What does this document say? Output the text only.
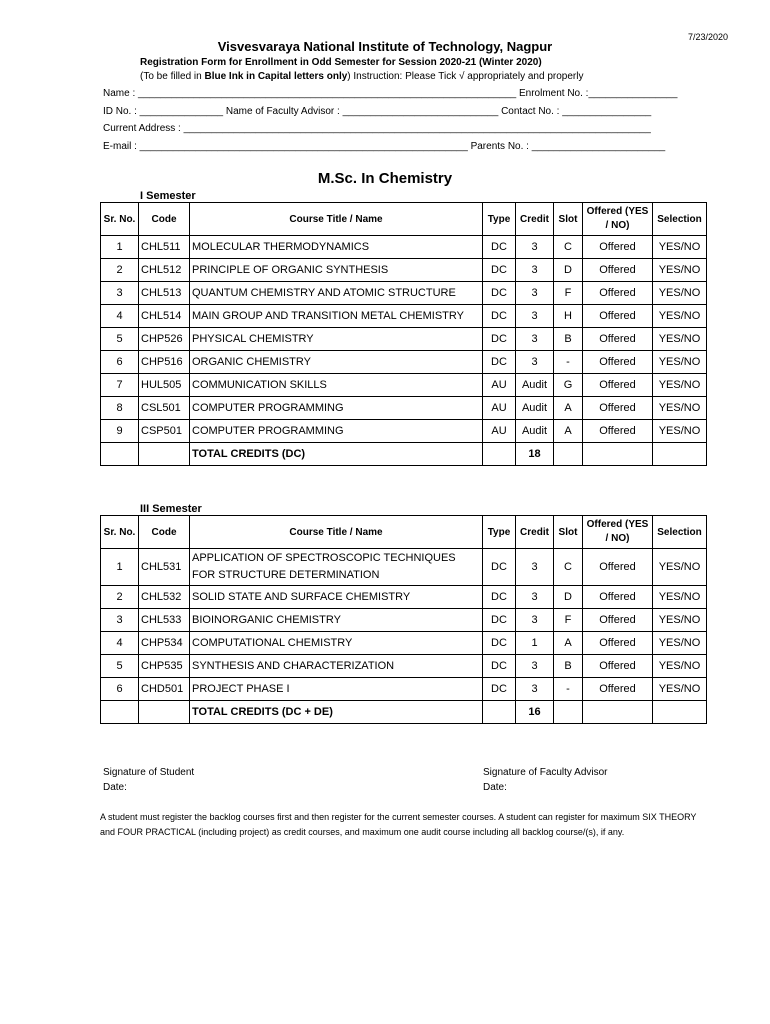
7/23/2020
Visvesvaraya National Institute of Technology, Nagpur
Registration Form for Enrollment in Odd Semester for Session 2020-21 (Winter 2020)
(To be filled in Blue Ink in Capital letters only) Instruction: Please Tick √ appropriately and properly
Name : ____________________________________________________________________ Enrolment No. :________________
ID No. : _______________ Name of Faculty Advisor : ____________________________ Contact No. : ________________
Current Address : ____________________________________________________________________________________
E-mail : ___________________________________________________________ Parents No. : ________________________
M.Sc. In Chemistry
I Semester
Sr. No.	Code	Course Title / Name	Type	Credit	Slot	Offered (YES / NO)	Selection
1	CHL511	MOLECULAR THERMODYNAMICS	DC	3	C	Offered	YES/NO
2	CHL512	PRINCIPLE OF ORGANIC SYNTHESIS	DC	3	D	Offered	YES/NO
3	CHL513	QUANTUM CHEMISTRY AND ATOMIC STRUCTURE	DC	3	F	Offered	YES/NO
4	CHL514	MAIN GROUP AND TRANSITION METAL CHEMISTRY	DC	3	H	Offered	YES/NO
5	CHP526	PHYSICAL CHEMISTRY	DC	3	B	Offered	YES/NO
6	CHP516	ORGANIC CHEMISTRY	DC	3	-	Offered	YES/NO
7	HUL505	COMMUNICATION SKILLS	AU	Audit	G	Offered	YES/NO
8	CSL501	COMPUTER PROGRAMMING	AU	Audit	A	Offered	YES/NO
9	CSP501	COMPUTER PROGRAMMING	AU	Audit	A	Offered	YES/NO
		TOTAL CREDITS (DC)		18			
III Semester
Sr. No.	Code	Course Title / Name	Type	Credit	Slot	Offered (YES / NO)	Selection
1	CHL531	APPLICATION OF SPECTROSCOPIC TECHNIQUES FOR STRUCTURE DETERMINATION	DC	3	C	Offered	YES/NO
2	CHL532	SOLID STATE AND SURFACE CHEMISTRY	DC	3	D	Offered	YES/NO
3	CHL533	BIOINORGANIC CHEMISTRY	DC	3	F	Offered	YES/NO
4	CHP534	COMPUTATIONAL CHEMISTRY	DC	1	A	Offered	YES/NO
5	CHP535	SYNTHESIS AND CHARACTERIZATION	DC	3	B	Offered	YES/NO
6	CHD501	PROJECT PHASE I	DC	3	-	Offered	YES/NO
		TOTAL CREDITS (DC + DE)		16			
Signature of Student
Date:
Signature of Faculty Advisor
Date:
A student must register the backlog courses first and then register for the current semester courses. A student can register for maximum SIX THEORY and FOUR PRACTICAL (including project) as credit courses, and maximum one audit course including all backlog course/(s), if any.
